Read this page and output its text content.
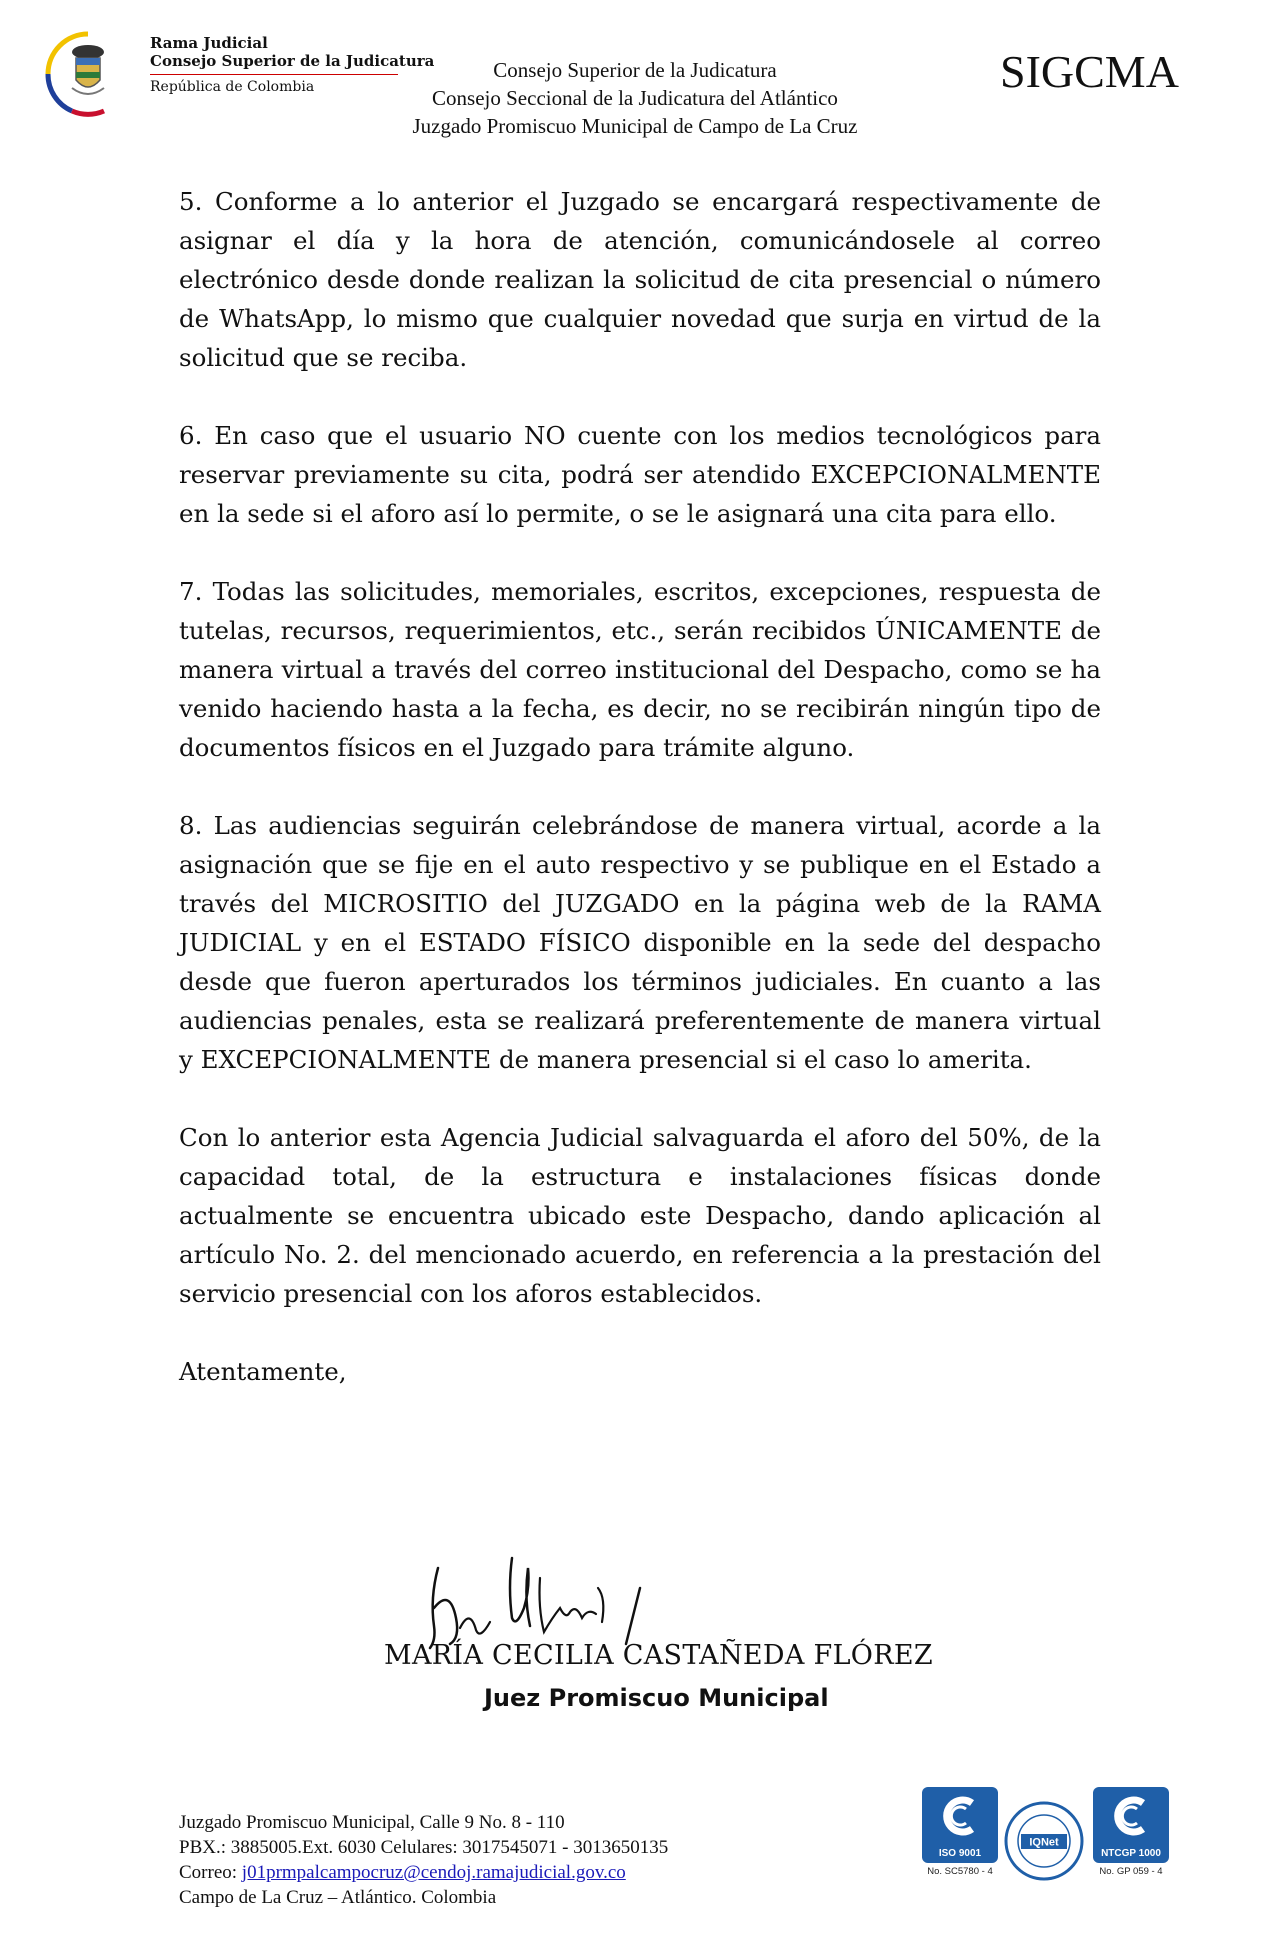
Rama Judicial
Consejo Superior de la Judicatura
República de Colombia
Consejo Superior de la Judicatura
Consejo Seccional de la Judicatura del Atlántico
Juzgado Promiscuo Municipal de Campo de La Cruz
SIGCMA

5. Conforme a lo anterior el Juzgado se encargará respectivamente de asignar el día y la hora de atención, comunicándosele al correo electrónico desde donde realizan la solicitud de cita presencial o número de WhatsApp, lo mismo que cualquier novedad que surja en virtud de la solicitud que se reciba.

6. En caso que el usuario NO cuente con los medios tecnológicos para reservar previamente su cita, podrá ser atendido EXCEPCIONALMENTE en la sede si el aforo así lo permite, o se le asignará una cita para ello.

7. Todas las solicitudes, memoriales, escritos, excepciones, respuesta de tutelas, recursos, requerimientos, etc., serán recibidos ÚNICAMENTE de manera virtual a través del correo institucional del Despacho, como se ha venido haciendo hasta a la fecha, es decir, no se recibirán ningún tipo de documentos físicos en el Juzgado para trámite alguno.

8. Las audiencias seguirán celebrándose de manera virtual, acorde a la asignación que se fije en el auto respectivo y se publique en el Estado a través del MICROSITIO del JUZGADO en la página web de la RAMA JUDICIAL y en el ESTADO FÍSICO disponible en la sede del despacho desde que fueron aperturados los términos judiciales. En cuanto a las audiencias penales, esta se realizará preferentemente de manera virtual y EXCEPCIONALMENTE de manera presencial si el caso lo amerita.

Con lo anterior esta Agencia Judicial salvaguarda el aforo del 50%, de la capacidad total, de la estructura e instalaciones físicas donde actualmente se encuentra ubicado este Despacho, dando aplicación al artículo No. 2. del mencionado acuerdo, en referencia a la prestación del servicio presencial con los aforos establecidos.

Atentamente,

MARÍA CECILIA CASTAÑEDA FLÓREZ
Juez Promiscuo Municipal
Juzgado Promiscuo Municipal, Calle 9 No. 8 - 110
PBX.: 3885005.Ext. 6030 Celulares: 3017545071 - 3013650135
Correo: j01prmpalcampocruz@cendoj.ramajudicial.gov.co
Campo de La Cruz – Atlántico. Colombia
ISO 9001
No. SC5780 - 4
IQNet
NTCGP 1000
No. GP 059 - 4
